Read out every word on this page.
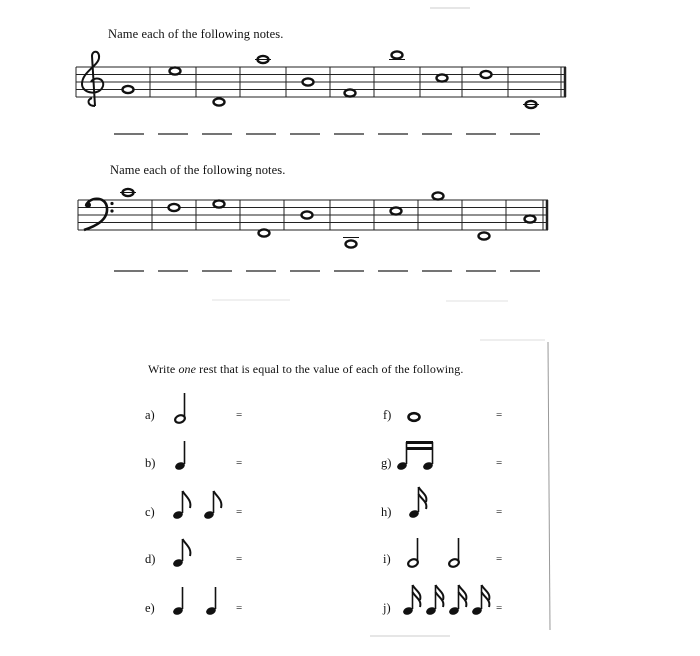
Name each of the following notes.
Name each of the following notes.
Write one rest that is equal to the value of each of the following.
a)
b)
c)
d)
e)
f)
g)
h)
i)
j)
=
=
=
=
=
=
=
=
=
=
